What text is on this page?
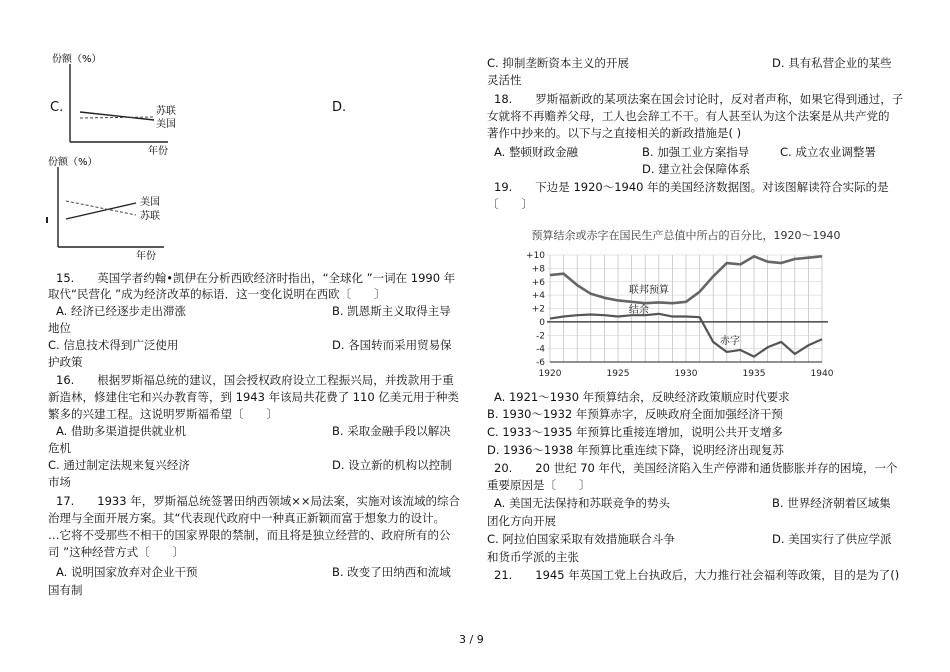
份额（%）
苏联
美国
年份
C.	D.
份额（%）
美国
苏联
年份
15.　　英国学者约翰•凯伊在分析西欧经济时指出，“全球化 ”一词在 1990 年
取代“民营化 ”成为经济改革的标语．这一变化说明在西欧〔　　〕
A. 经济已经逐步走出滞涨	B. 凯恩斯主义取得主导
地位
C. 信息技术得到广泛使用	D. 各国转而采用贸易保
护政策
16.　　根据罗斯福总统的建议，国会授权政府设立工程振兴局，并拨款用于重
新造林，修建住宅和兴办教育等，到 1943 年该局共花费了 110 亿美元用于种类
繁多的兴建工程。这说明罗斯福希望〔　　〕
A. 借助多渠道提供就业机	B. 采取金融手段以解决
危机
C. 通过制定法规来复兴经济	D. 设立新的机构以控制
市场
17.　　1933 年，罗斯福总统签署田纳西领域××局法案，实施对该流域的综合
治理与全面开展方案。其“代表现代政府中一种真正新颖而富于想象力的设计。
…它将不受那些不相干的国家界限的禁制，而且将是独立经营的、政府所有的公
司 ”这种经营方式〔　　〕
A. 说明国家放弃对企业干预	B. 改变了田纳西和流域
国有制
C. 抑制垄断资本主义的开展	D. 具有私营企业的某些
灵活性
18.　　罗斯福新政的某项法案在国会讨论时，反对者声称，如果它得到通过，子
女就将不再赡养父母，工人也会辞工不干。有人甚至认为这个法案是从共产党的
著作中抄来的。以下与之直接相关的新政措施是( )
A. 整顿财政金融	B. 加强工业方案指导	C. 成立农业调整署
D. 建立社会保障体系
19.　　下边是 1920～1940 年的美国经济数据图。对该图解读符合实际的是
〔　　〕
预算结余或赤字在国民生产总值中所占的百分比，1920～1940
+10
+8
+6
+4
+2
0
-2
-4
-6
1920	1925	1930	1935	1940
联邦预算
结余
赤字
A. 1921～1930 年预算结余，反映经济政策顺应时代要求
B. 1930～1932 年预算赤字，反映政府全面加强经济干预
C. 1933～1935 年预算比重接连增加，说明公共开支增多
D. 1936～1938 年预算比重连续下降，说明经济出现复苏
20.　　20 世纪 70 年代，美国经济陷入生产停滞和通货膨胀并存的困境，一个
重要原因是〔　　〕
A. 美国无法保持和苏联竞争的势头	B. 世界经济朝着区域集
团化方向开展
C. 阿拉伯国家采取有效措施联合斗争	D. 美国实行了供应学派
和货币学派的主张
21.　　1945 年英国工党上台执政后，大力推行社会福利等政策，目的是为了()
3 / 9
